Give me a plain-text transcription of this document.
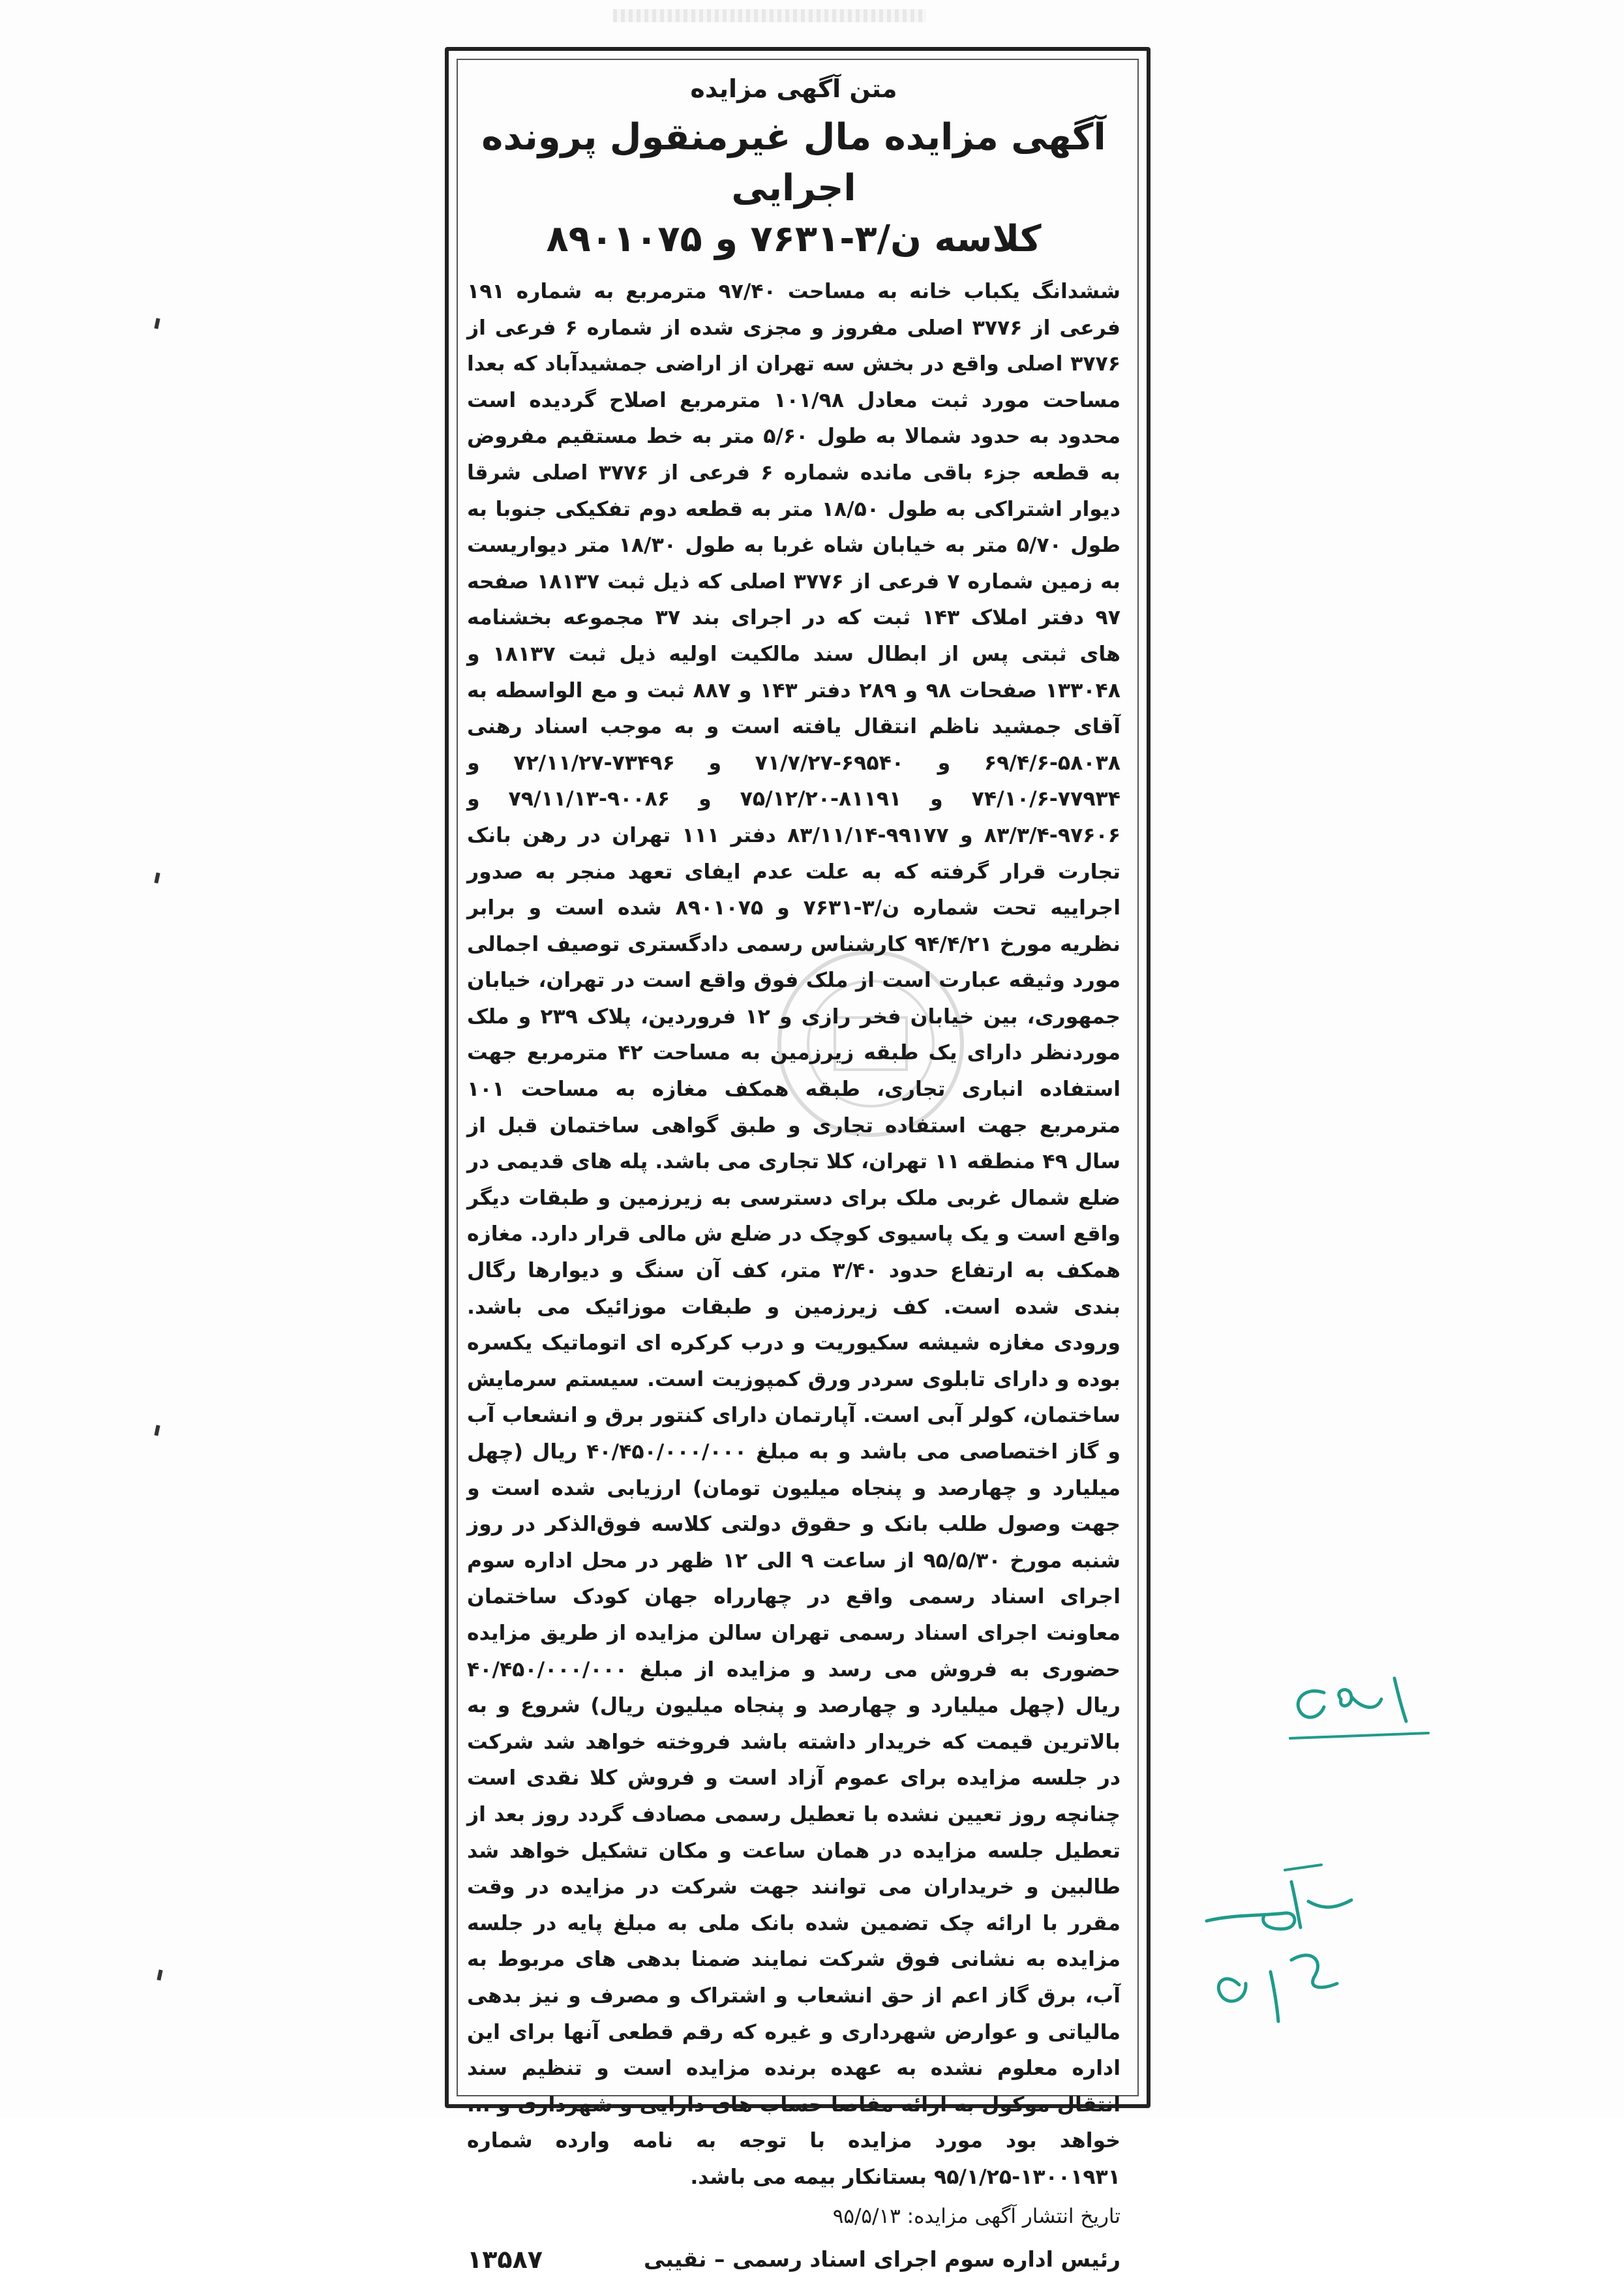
متن آگهی مزایده
آگهی مزایده مال غیرمنقول پرونده اجرایی
کلاسه ن/۳-۷۶۳۱ و ۸۹۰۱۰۷۵

ششدانگ یکباب خانه به مساحت ۹۷/۴۰ مترمربع به شماره ۱۹۱ فرعی از ۳۷۷۶ اصلی مفروز و مجزی شده از شماره ۶ فرعی از ۳۷۷۶ اصلی واقع در بخش سه تهران از اراضی جمشیدآباد که بعدا مساحت مورد ثبت معادل ۱۰۱/۹۸ مترمربع اصلاح گردیده است محدود به حدود شمالا به طول ۵/۶۰ متر به خط مستقیم مفروض به قطعه جزء باقی مانده شماره ۶ فرعی از ۳۷۷۶ اصلی شرقا دیوار اشتراکی به طول ۱۸/۵۰ متر به قطعه دوم تفکیکی جنوبا به طول ۵/۷۰ متر به خیابان شاه غربا به طول ۱۸/۳۰ متر دیواریست به زمین شماره ۷ فرعی از ۳۷۷۶ اصلی که ذیل ثبت ۱۸۱۳۷ صفحه ۹۷ دفتر املاک ۱۴۳ ثبت که در اجرای بند ۳۷ مجموعه بخشنامه های ثبتی پس از ابطال سند مالکیت اولیه ذیل ثبت ۱۸۱۳۷ و ۱۳۳۰۴۸ صفحات ۹۸ و ۲۸۹ دفتر ۱۴۳ و ۸۸۷ ثبت و مع الواسطه به آقای جمشید ناظم انتقال یافته است و به موجب اسناد رهنی ۵۸۰۳۸-۶۹/۴/۶ و ۶۹۵۴۰-۷۱/۷/۲۷ و ۷۳۴۹۶-۷۲/۱۱/۲۷ و ۷۷۹۳۴-۷۴/۱۰/۶ و ۸۱۱۹۱-۷۵/۱۲/۲۰ و ۹۰۰۸۶-۷۹/۱۱/۱۳ و ۹۷۶۰۶-۸۳/۳/۴ و ۹۹۱۷۷-۸۳/۱۱/۱۴ دفتر ۱۱۱ تهران در رهن بانک تجارت قرار گرفته که به علت عدم ایفای تعهد منجر به صدور اجراییه تحت شماره ن/۳-۷۶۳۱ و ۸۹۰۱۰۷۵ شده است و برابر نظریه مورخ ۹۴/۴/۲۱ کارشناس رسمی دادگستری توصیف اجمالی مورد وثیقه عبارت است از ملک فوق واقع است در تهران، خیابان جمهوری، بین خیابان فخر رازی و ۱۲ فروردین، پلاک ۲۳۹ و ملک موردنظر دارای یک طبقه زیرزمین به مساحت ۴۲ مترمربع جهت استفاده انباری تجاری، طبقه همکف مغازه به مساحت ۱۰۱ مترمربع جهت استفاده تجاری و طبق گواهی ساختمان قبل از سال ۴۹ منطقه ۱۱ تهران، کلا تجاری می باشد. پله های قدیمی در ضلع شمال غربی ملک برای دسترسی به زیرزمین و طبقات دیگر واقع است و یک پاسیوی کوچک در ضلع ش مالی قرار دارد. مغازه همکف به ارتفاع حدود ۳/۴۰ متر، کف آن سنگ و دیوارها رگال بندی شده است. کف زیرزمین و طبقات موزائیک می باشد. ورودی مغازه شیشه سکیوریت و درب کرکره ای اتوماتیک یکسره بوده و دارای تابلوی سردر ورق کمپوزیت است. سیستم سرمایش ساختمان، کولر آبی است. آپارتمان دارای کنتور برق و انشعاب آب و گاز اختصاصی می باشد و به مبلغ ۴۰/۴۵۰/۰۰۰/۰۰۰ ریال (چهل میلیارد و چهارصد و پنجاه میلیون تومان) ارزیابی شده است و جهت وصول طلب بانک و حقوق دولتی کلاسه فوق‌الذکر در روز شنبه مورخ ۹۵/۵/۳۰ از ساعت ۹ الی ۱۲ ظهر در محل اداره سوم اجرای اسناد رسمی واقع در چهارراه جهان کودک ساختمان معاونت اجرای اسناد رسمی تهران سالن مزایده از طریق مزایده حضوری به فروش می رسد و مزایده از مبلغ ۴۰/۴۵۰/۰۰۰/۰۰۰ ریال (چهل میلیارد و چهارصد و پنجاه میلیون ریال) شروع و به بالاترین قیمت که خریدار داشته باشد فروخته خواهد شد شرکت در جلسه مزایده برای عموم آزاد است و فروش کلا نقدی است چنانچه روز تعیین نشده با تعطیل رسمی مصادف گردد روز بعد از تعطیل جلسه مزایده در همان ساعت و مکان تشکیل خواهد شد طالبین و خریداران می توانند جهت شرکت در مزایده در وقت مقرر با ارائه چک تضمین شده بانک ملی به مبلغ پایه در جلسه مزایده به نشانی فوق شرکت نمایند ضمنا بدهی های مربوط به آب، برق گاز اعم از حق انشعاب و اشتراک و مصرف و نیز بدهی مالیاتی و عوارض شهرداری و غیره که رقم قطعی آنها برای این اداره معلوم نشده به عهده برنده مزایده است و تنظیم سند انتقال موکول به ارائه مفاصا حساب های دارایی و شهرداری و ... خواهد بود مورد مزایده با توجه به نامه وارده شماره ۱۳۰۰۱۹۳۱-۹۵/۱/۲۵ بستانکار بیمه می باشد.

تاریخ انتشار آگهی مزایده: ۹۵/۵/۱۳

رئیس اداره سوم اجرای اسناد رسمی – نقیبی
۱۳۵۸۷
